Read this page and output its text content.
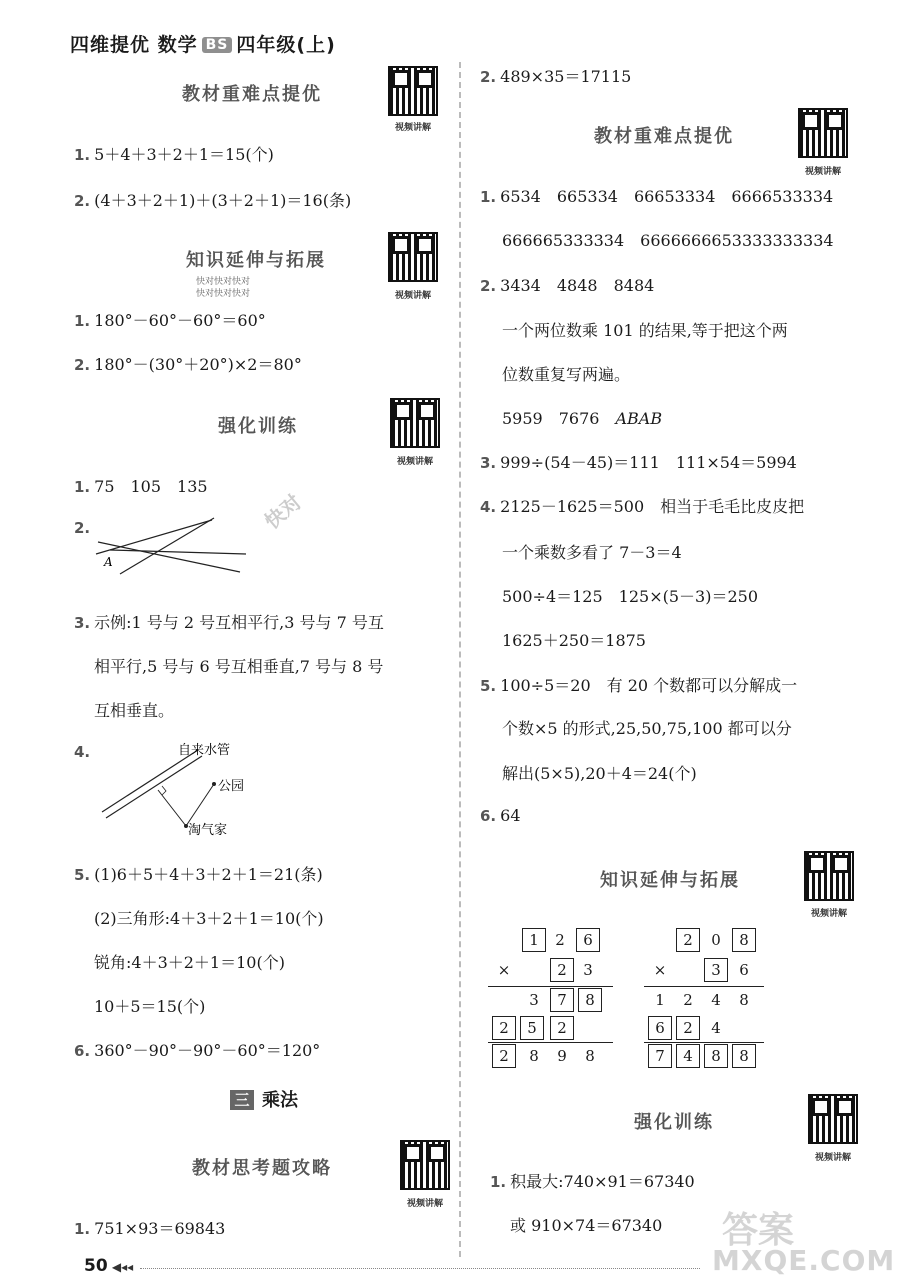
四维提优 数学 BS 四年级(上)
教材重难点提优
视频讲解
1. 5＋4＋3＋2＋1＝15(个)
2. (4＋3＋2＋1)＋(3＋2＋1)＝16(条)
知识延伸与拓展
快对快对快对
快对快对快对	视频讲解
1. 180°－60°－60°＝60°
2. 180°－(30°＋20°)×2＝80°
强化训练
视频讲解
1. 75　105　135
2.
A
3. 示例:1 号与 2 号互相平行,3 号与 7 号互
相平行,5 号与 6 号互相垂直,7 号与 8 号
互相垂直。
4.	自来水管
公园
淘气家
5. (1)6＋5＋4＋3＋2＋1＝21(条)
(2)三角形:4＋3＋2＋1＝10(个)
锐角:4＋3＋2＋1＝10(个)
10＋5＝15(个)
6. 360°－90°－90°－60°＝120°
三 乘法
教材思考题攻略
视频讲解
1. 751×93＝69843
2. 489×35＝17115
教材重难点提优
视频讲解
1. 6534　665334　66653334　6666533334
666665333334　6666666653333333334
2. 3434　4848　8484
一个两位数乘 101 的结果,等于把这个两
位数重复写两遍。
5959　7676　ABAB
3. 999÷(54－45)＝111　111×54＝5994
4. 2125－1625＝500　相当于毛毛比皮皮把
一个乘数多看了 7－3＝4
500÷4＝125　125×(5－3)＝250
1625＋250＝1875
5. 100÷5＝20　有 20 个数都可以分解成一
个数×5 的形式,25,50,75,100 都可以分
解出(5×5),20＋4＝24(个)
6. 64
知识延伸与拓展
视频讲解
1	2	6
×	2	3
3	7	8
2	5	2
2	8	9	8
2	0	8
×	3	6
1	2	4	8
6	2	4
7	4	8	8
强化训练
视频讲解
1. 积最大:740×91＝67340
或 910×74＝67340
快对
答案
MXQE.COM
50 ◀◂◂
